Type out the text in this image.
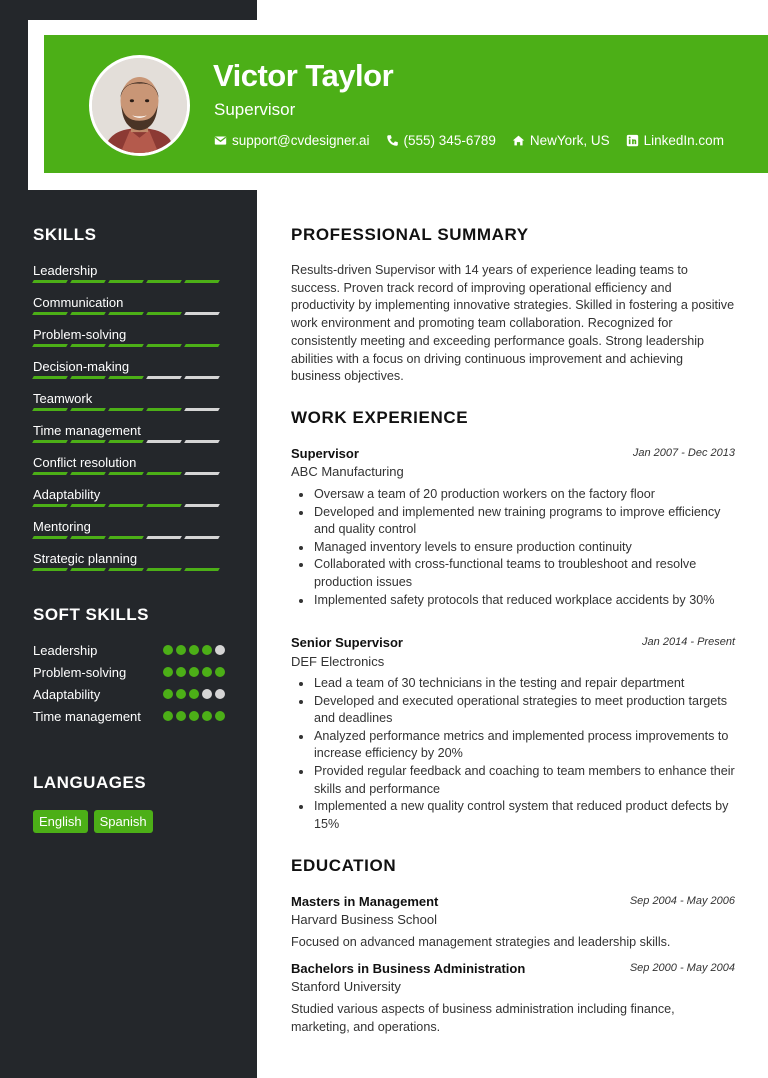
Victor Taylor
Supervisor
support@cvdesigner.ai	(555) 345-6789	NewYork, US	LinkedIn.com
SKILLS
Leadership
Communication
Problem-solving
Decision-making
Teamwork
Time management
Conflict resolution
Adaptability
Mentoring
Strategic planning
SOFT SKILLS
Leadership
Problem-solving
Adaptability
Time management
LANGUAGES
English	Spanish
PROFESSIONAL SUMMARY
Results-driven Supervisor with 14 years of experience leading teams to success. Proven track record of improving operational efficiency and productivity by implementing innovative strategies. Skilled in fostering a positive work environment and promoting team collaboration. Recognized for consistently meeting and exceeding performance goals. Strong leadership abilities with a focus on driving continuous improvement and achieving business objectives.
WORK EXPERIENCE
Supervisor	Jan 2007 - Dec 2013
ABC Manufacturing
Oversaw a team of 20 production workers on the factory floor
Developed and implemented new training programs to improve efficiency and quality control
Managed inventory levels to ensure production continuity
Collaborated with cross-functional teams to troubleshoot and resolve production issues
Implemented safety protocols that reduced workplace accidents by 30%
Senior Supervisor	Jan 2014 - Present
DEF Electronics
Lead a team of 30 technicians in the testing and repair department
Developed and executed operational strategies to meet production targets and deadlines
Analyzed performance metrics and implemented process improvements to increase efficiency by 20%
Provided regular feedback and coaching to team members to enhance their skills and performance
Implemented a new quality control system that reduced product defects by 15%
EDUCATION
Masters in Management	Sep 2004 - May 2006
Harvard Business School
Focused on advanced management strategies and leadership skills.
Bachelors in Business Administration	Sep 2000 - May 2004
Stanford University
Studied various aspects of business administration including finance, marketing, and operations.
